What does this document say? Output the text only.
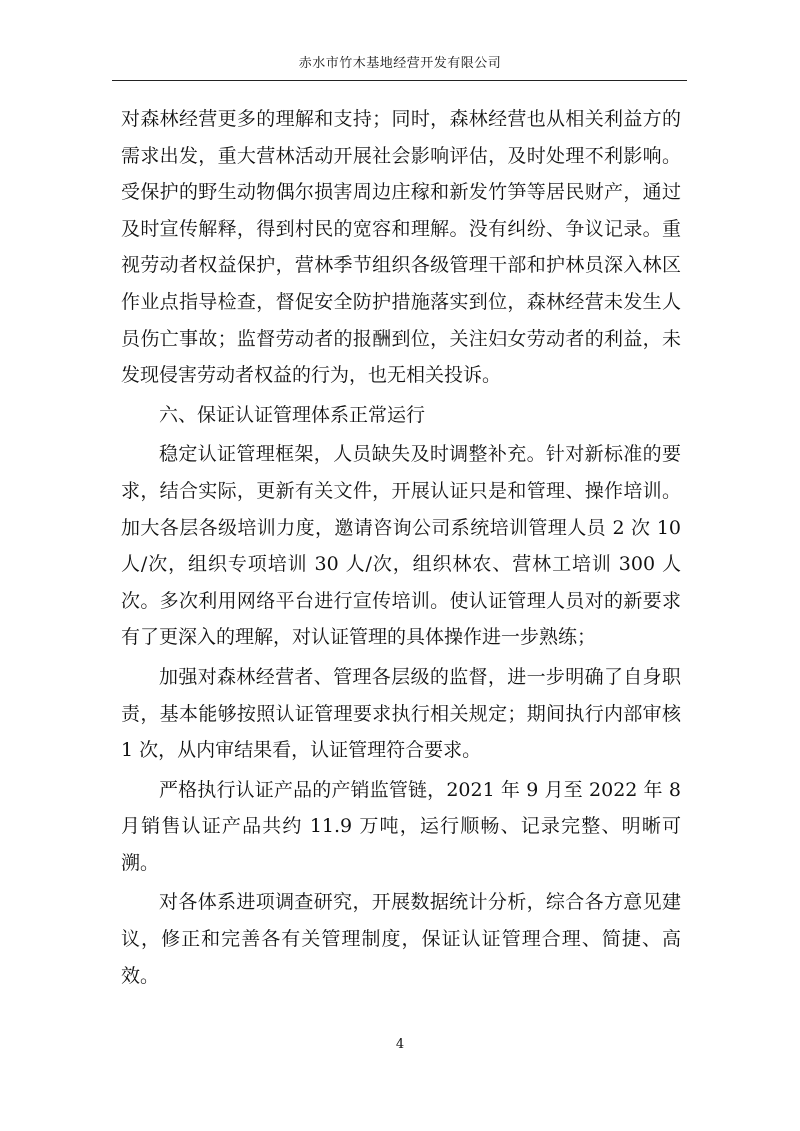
赤水市竹木基地经营开发有限公司

对森林经营更多的理解和支持；同时，森林经营也从相关利益方的需求出发，重大营林活动开展社会影响评估，及时处理不利影响。受保护的野生动物偶尔损害周边庄稼和新发竹笋等居民财产，通过及时宣传解释，得到村民的宽容和理解。没有纠纷、争议记录。重视劳动者权益保护，营林季节组织各级管理干部和护林员深入林区作业点指导检查，督促安全防护措施落实到位，森林经营未发生人员伤亡事故；监督劳动者的报酬到位，关注妇女劳动者的利益，未发现侵害劳动者权益的行为，也无相关投诉。

六、保证认证管理体系正常运行

稳定认证管理框架，人员缺失及时调整补充。针对新标准的要求，结合实际，更新有关文件，开展认证只是和管理、操作培训。加大各层各级培训力度，邀请咨询公司系统培训管理人员 2 次 10 人/次，组织专项培训 30 人/次，组织林农、营林工培训 300 人次。多次利用网络平台进行宣传培训。使认证管理人员对的新要求有了更深入的理解，对认证管理的具体操作进一步熟练；

加强对森林经营者、管理各层级的监督，进一步明确了自身职责，基本能够按照认证管理要求执行相关规定；期间执行内部审核 1 次，从内审结果看，认证管理符合要求。

严格执行认证产品的产销监管链，2021 年 9 月至 2022 年 8 月销售认证产品共约 11.9 万吨，运行顺畅、记录完整、明晰可溯。

对各体系进项调查研究，开展数据统计分析，综合各方意见建议，修正和完善各有关管理制度，保证认证管理合理、简捷、高效。

4
